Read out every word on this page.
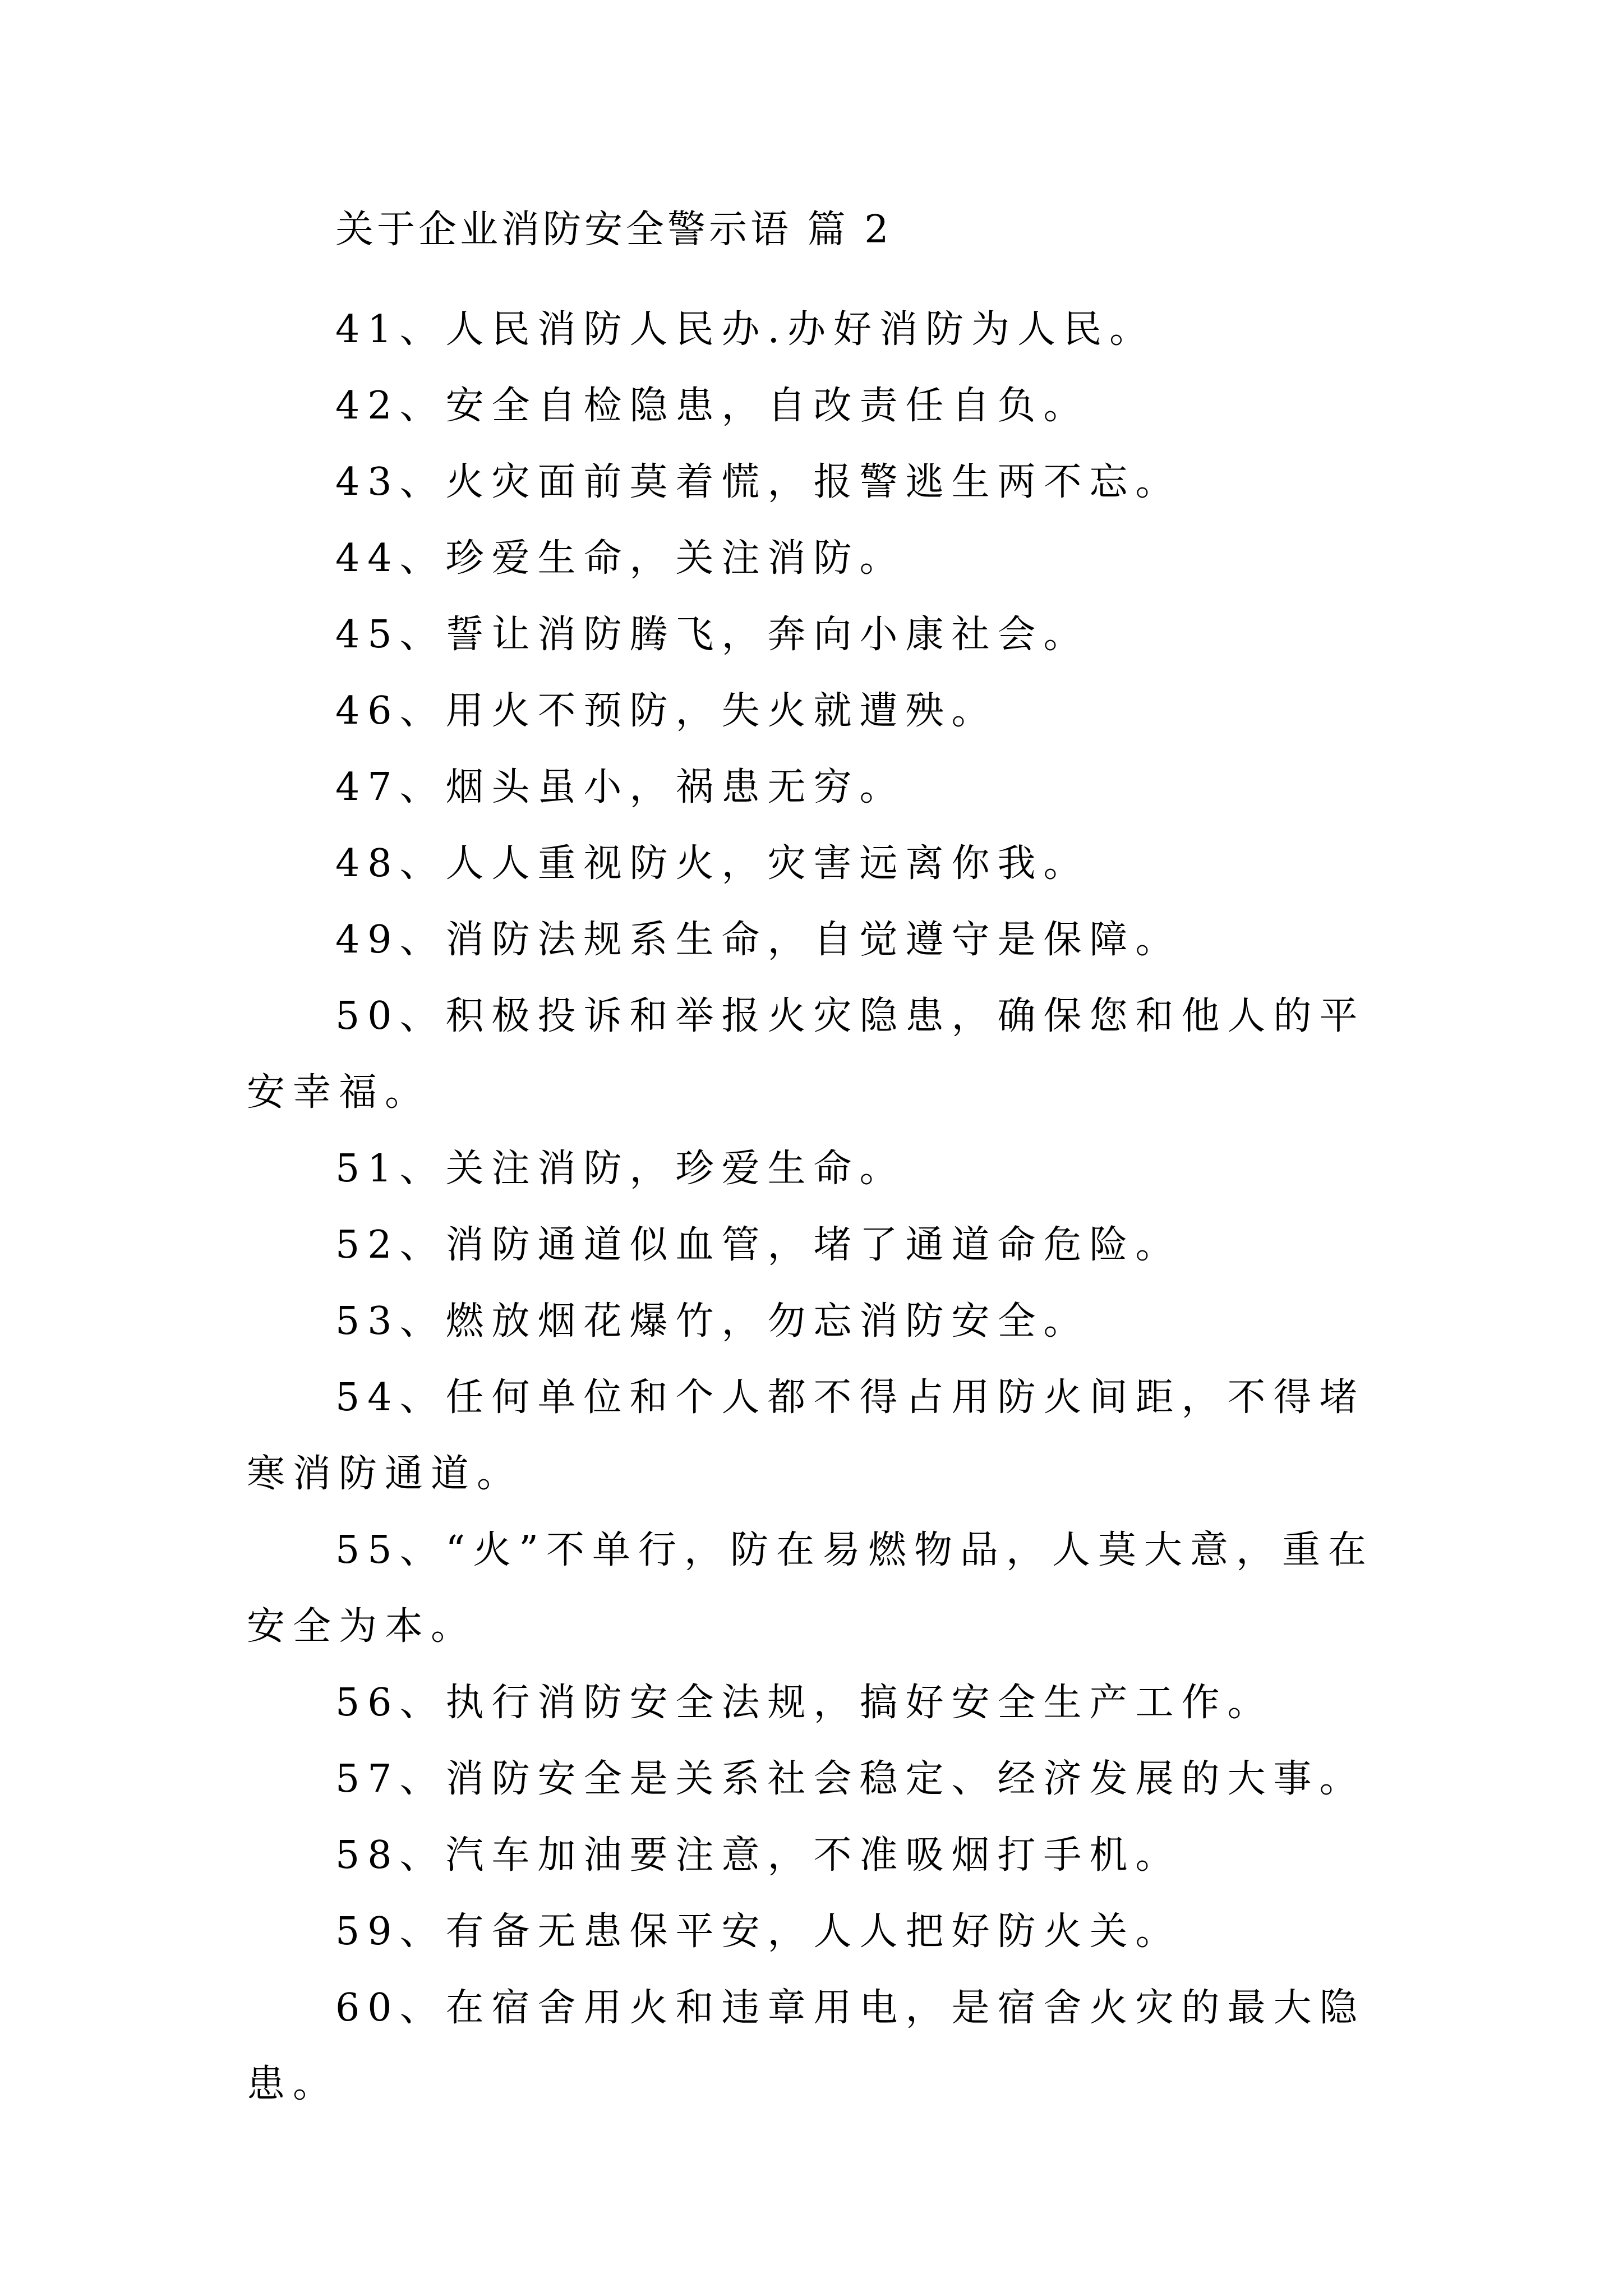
关于企业消防安全警示语 篇 2
41、人民消防人民办.办好消防为人民。
42、安全自检隐患，自改责任自负。
43、火灾面前莫着慌，报警逃生两不忘。
44、珍爱生命，关注消防。
45、誓让消防腾飞，奔向小康社会。
46、用火不预防，失火就遭殃。
47、烟头虽小，祸患无穷。
48、人人重视防火，灾害远离你我。
49、消防法规系生命，自觉遵守是保障。
50、积极投诉和举报火灾隐患，确保您和他人的平安幸福。
51、关注消防，珍爱生命。
52、消防通道似血管，堵了通道命危险。
53、燃放烟花爆竹，勿忘消防安全。
54、任何单位和个人都不得占用防火间距，不得堵寒消防通道。
55、“火”不单行，防在易燃物品，人莫大意，重在安全为本。
56、执行消防安全法规，搞好安全生产工作。
57、消防安全是关系社会稳定、经济发展的大事。
58、汽车加油要注意，不准吸烟打手机。
59、有备无患保平安，人人把好防火关。
60、在宿舍用火和违章用电，是宿舍火灾的最大隐患。
